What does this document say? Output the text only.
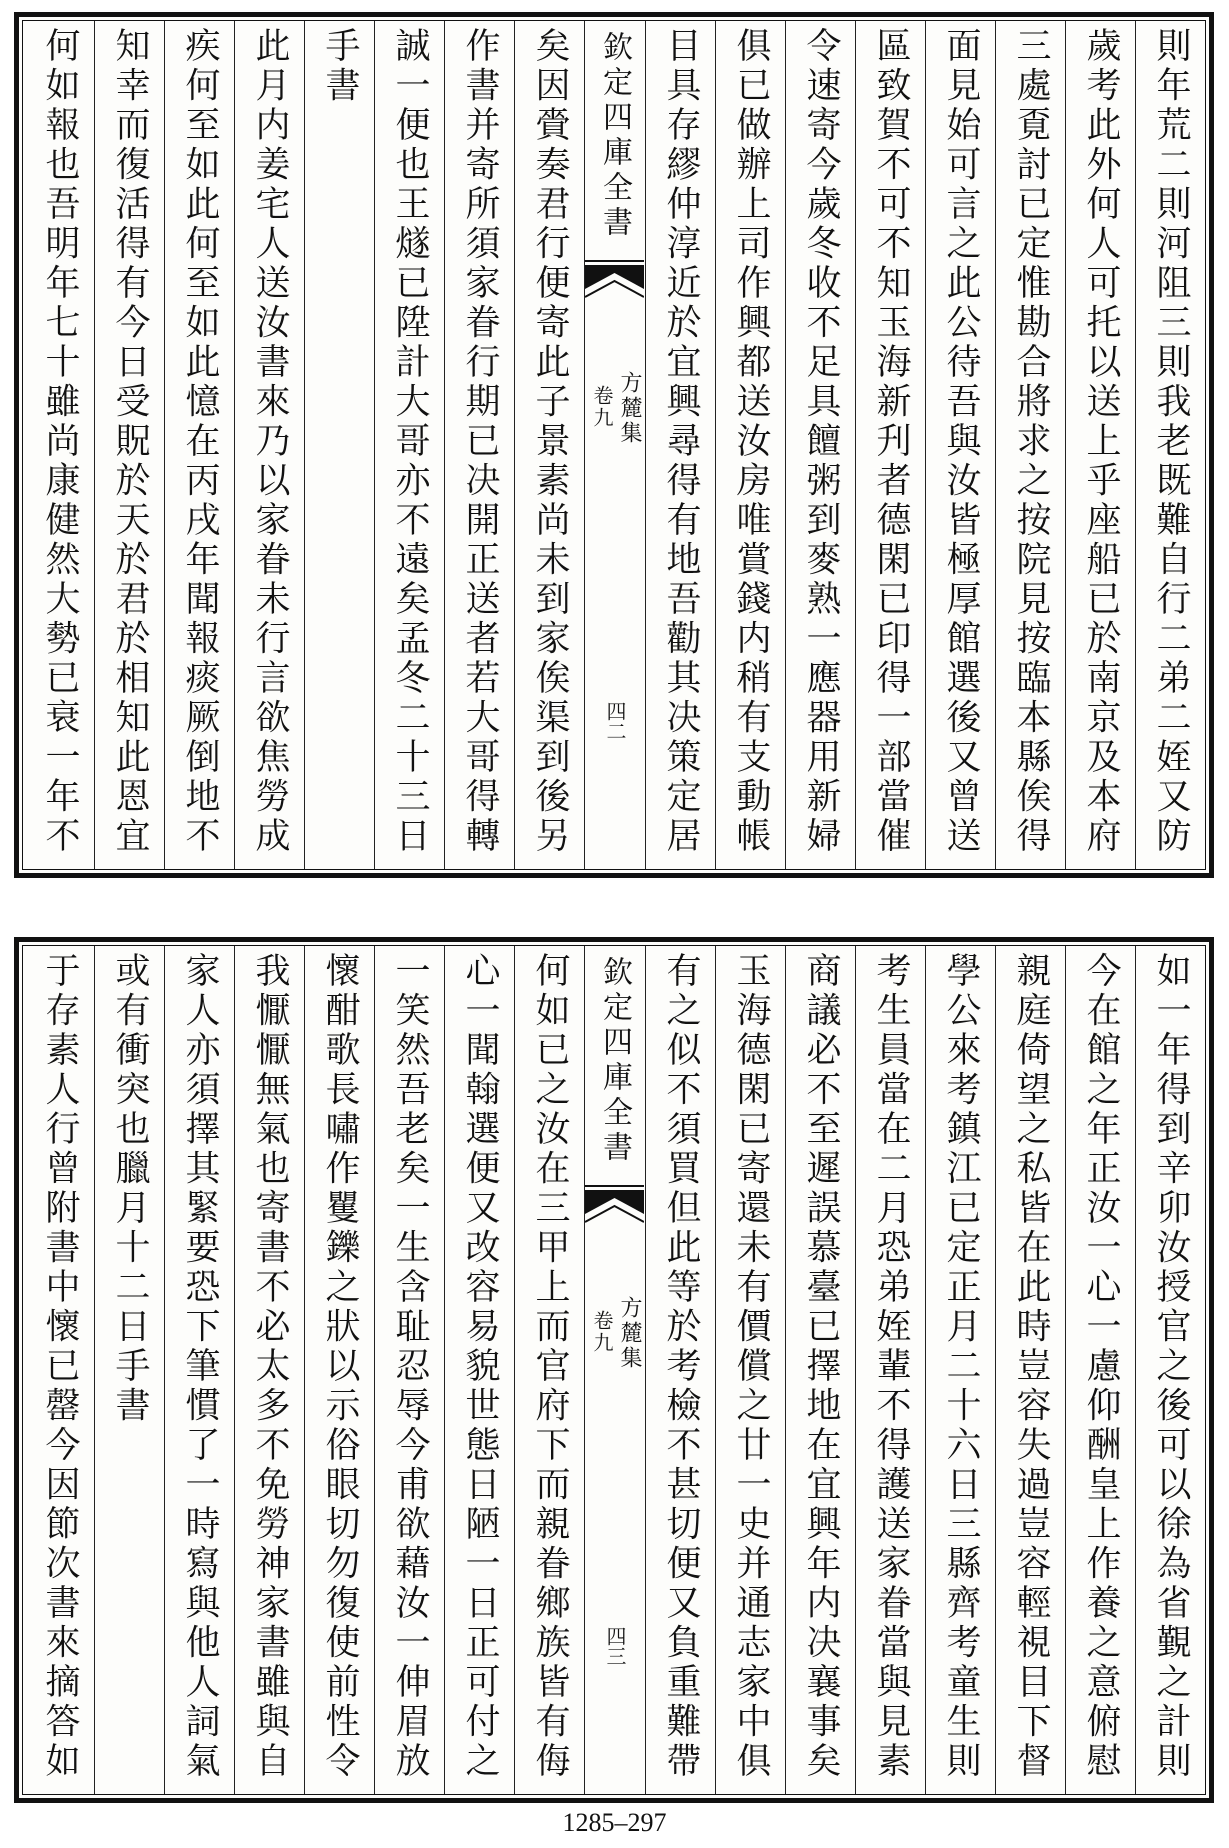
則年荒二則河阻三則我老既難自行二弟二姪又防
歲考此外何人可托以送上乎座船已於南京及本府
三處覔討已定惟勘合將求之按院見按臨本縣俟得
面見始可言之此公待吾與汝皆極厚館選後又曾送
區致賀不可不知玉海新刋者德閑已印得一部當催
令速寄今歲冬收不足具饘粥到麥熟一應器用新婦
俱已做辦上司作興都送汝房唯賞錢内稍有支動帳
目具存繆仲淳近於宜興尋得有地吾勸其决策定居
欽定四庫全書
方麓集
卷九
四二
矣因賫奏君行便寄此子景素尚未到家俟渠到後另
作書并寄所須家眷行期已决開正送者若大哥得轉
誠一便也王燧已陞計大哥亦不遠矣孟冬二十三日
手書
此月内姜宅人送汝書來乃以家眷未行言欲焦勞成
疾何至如此何至如此憶在丙戌年聞報痰厥倒地不
知幸而復活得有今日受貺於天於君於相知此恩宜
何如報也吾明年七十雖尚康健然大勢已衰一年不
如一年得到辛卯汝授官之後可以徐為省覲之計則
今在館之年正汝一心一慮仰酬皇上作養之意俯慰
親庭倚望之私皆在此時豈容失過豈容輕視目下督
學公來考鎮江已定正月二十六日三縣齊考童生則
考生員當在二月恐弟姪輩不得護送家眷當與見素
商議必不至遲誤慕臺已擇地在宜興年内决襄事矣
玉海德閑已寄還未有價償之廿一史并通志家中俱
有之似不須買但此等於考檢不甚切便又負重難帶
欽定四庫全書
方麓集
卷九
四三
何如已之汝在三甲上而官府下而親眷鄉族皆有侮
心一聞翰選便又改容易貌世態日陋一日正可付之
一笑然吾老矣一生含耻忍辱今甫欲藉汝一伸眉放
懷酣歌長嘯作矍鑠之狀以示俗眼切勿復使前性令
我懨懨無氣也寄書不必太多不免勞神家書雖與自
家人亦須擇其緊要恐下筆慣了一時寫與他人詞氣
或有衝突也臘月十二日手書
于存素人行曾附書中懷已罄今因節次書來摘答如
1285–297
